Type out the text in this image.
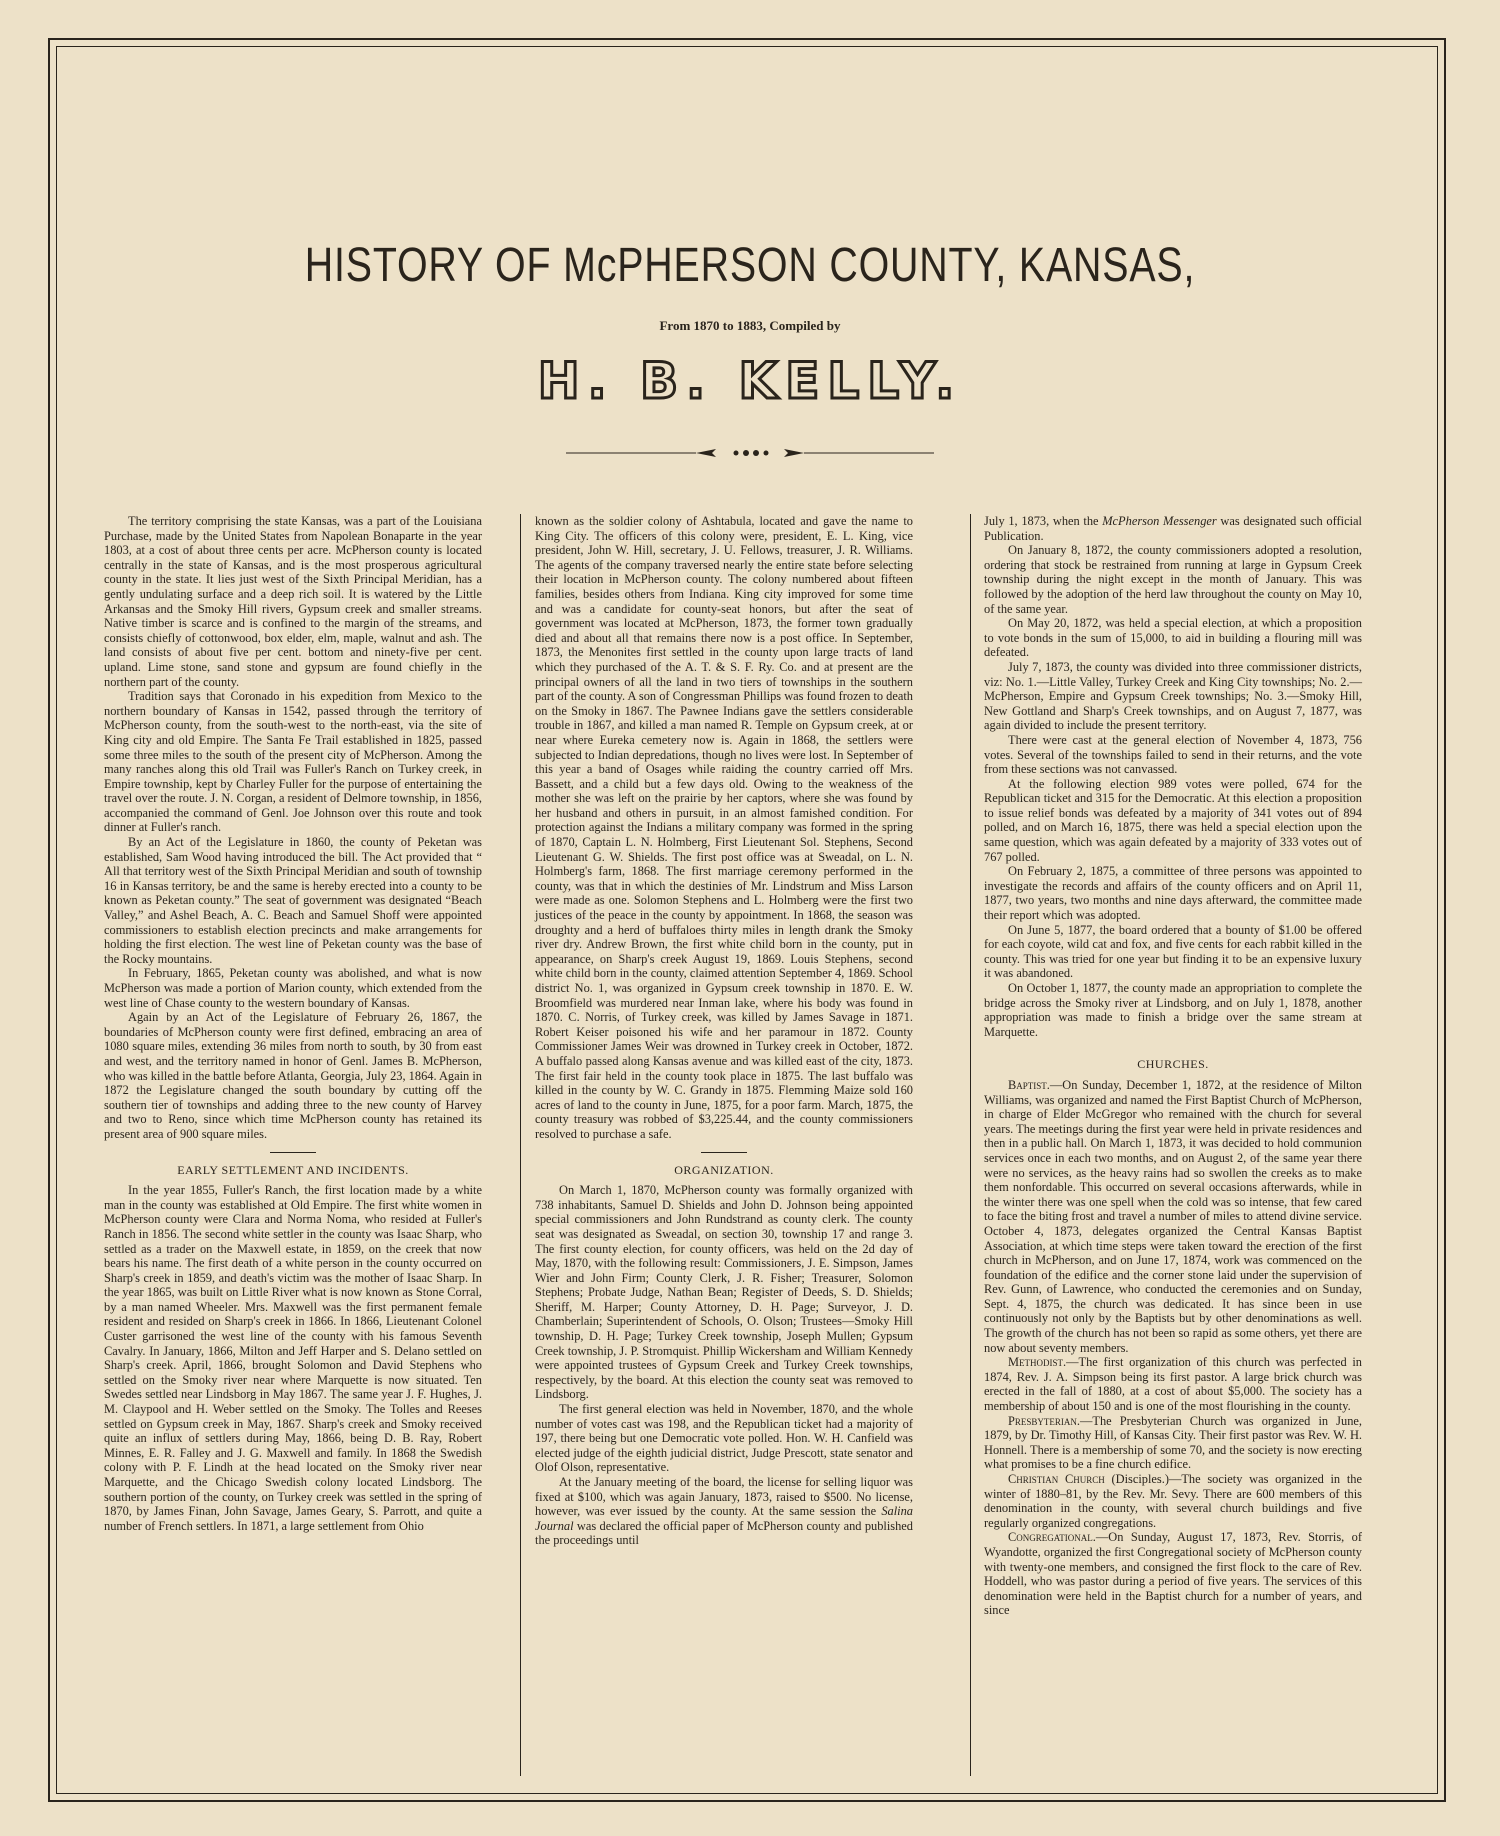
HISTORY OF McPHERSON COUNTY, KANSAS,
From 1870 to 1883, Compiled by
H. B. KELLY.

The territory comprising the state Kansas, was a part of the Louisiana Purchase, made by the United States from Napolean Bonaparte in the year 1803, at a cost of about three cents per acre. McPherson county is located centrally in the state of Kansas, and is the most prosperous agricultural county in the state. It lies just west of the Sixth Principal Meridian, has a gently undulating surface and a deep rich soil. It is watered by the Little Arkansas and the Smoky Hill rivers, Gypsum creek and smaller streams. Native timber is scarce and is confined to the margin of the streams, and consists chiefly of cottonwood, box elder, elm, maple, walnut and ash. The land consists of about five per cent. bottom and ninety-five per cent. upland. Lime stone, sand stone and gypsum are found chiefly in the northern part of the county.

Tradition says that Coronado in his expedition from Mexico to the northern boundary of Kansas in 1542, passed through the territory of McPherson county, from the south-west to the north-east, via the site of King city and old Empire. The Santa Fe Trail established in 1825, passed some three miles to the south of the present city of McPherson. Among the many ranches along this old Trail was Fuller's Ranch on Turkey creek, in Empire township, kept by Charley Fuller for the purpose of entertaining the travel over the route. J. N. Corgan, a resident of Delmore township, in 1856, accompanied the command of Genl. Joe Johnson over this route and took dinner at Fuller's ranch.

By an Act of the Legislature in 1860, the county of Peketan was established, Sam Wood having introduced the bill. The Act provided that “ All that territory west of the Sixth Principal Meridian and south of township 16 in Kansas territory, be and the same is hereby erected into a county to be known as Peketan county.” The seat of government was designated “Beach Valley,” and Ashel Beach, A. C. Beach and Samuel Shoff were appointed commissioners to establish election precincts and make arrangements for holding the first election. The west line of Peketan county was the base of the Rocky mountains.

In February, 1865, Peketan county was abolished, and what is now McPherson was made a portion of Marion county, which extended from the west line of Chase county to the western boundary of Kansas.

Again by an Act of the Legislature of February 26, 1867, the boundaries of McPherson county were first defined, embracing an area of 1080 square miles, extending 36 miles from north to south, by 30 from east and west, and the territory named in honor of Genl. James B. McPherson, who was killed in the battle before Atlanta, Georgia, July 23, 1864. Again in 1872 the Legislature changed the south boundary by cutting off the southern tier of townships and adding three to the new county of Harvey and two to Reno, since which time McPherson county has retained its present area of 900 square miles.

EARLY SETTLEMENT AND INCIDENTS.

In the year 1855, Fuller's Ranch, the first location made by a white man in the county was established at Old Empire. The first white women in McPherson county were Clara and Norma Noma, who resided at Fuller's Ranch in 1856. The second white settler in the county was Isaac Sharp, who settled as a trader on the Maxwell estate, in 1859, on the creek that now bears his name. The first death of a white person in the county occurred on Sharp's creek in 1859, and death's victim was the mother of Isaac Sharp. In the year 1865, was built on Little River what is now known as Stone Corral, by a man named Wheeler. Mrs. Maxwell was the first permanent female resident and resided on Sharp's creek in 1866. In 1866, Lieutenant Colonel Custer garrisoned the west line of the county with his famous Seventh Cavalry. In January, 1866, Milton and Jeff Harper and S. Delano settled on Sharp's creek. April, 1866, brought Solomon and David Stephens who settled on the Smoky river near where Marquette is now situated. Ten Swedes settled near Lindsborg in May 1867. The same year J. F. Hughes, J. M. Claypool and H. Weber settled on the Smoky. The Tolles and Reeses settled on Gypsum creek in May, 1867. Sharp's creek and Smoky received quite an influx of settlers during May, 1866, being D. B. Ray, Robert Minnes, E. R. Falley and J. G. Maxwell and family. In 1868 the Swedish colony with P. F. Lindh at the head located on the Smoky river near Marquette, and the Chicago Swedish colony located Lindsborg. The southern portion of the county, on Turkey creek was settled in the spring of 1870, by James Finan, John Savage, James Geary, S. Parrott, and quite a number of French settlers. In 1871, a large settlement from Ohio

known as the soldier colony of Ashtabula, located and gave the name to King City. The officers of this colony were, president, E. L. King, vice president, John W. Hill, secretary, J. U. Fellows, treasurer, J. R. Williams. The agents of the company traversed nearly the entire state before selecting their location in McPherson county. The colony numbered about fifteen families, besides others from Indiana. King city improved for some time and was a candidate for county-seat honors, but after the seat of government was located at McPherson, 1873, the former town gradually died and about all that remains there now is a post office. In September, 1873, the Menonites first settled in the county upon large tracts of land which they purchased of the A. T. & S. F. Ry. Co. and at present are the principal owners of all the land in two tiers of townships in the southern part of the county. A son of Congressman Phillips was found frozen to death on the Smoky in 1867. The Pawnee Indians gave the settlers considerable trouble in 1867, and killed a man named R. Temple on Gypsum creek, at or near where Eureka cemetery now is. Again in 1868, the settlers were subjected to Indian depredations, though no lives were lost. In September of this year a band of Osages while raiding the country carried off Mrs. Bassett, and a child but a few days old. Owing to the weakness of the mother she was left on the prairie by her captors, where she was found by her husband and others in pursuit, in an almost famished condition. For protection against the Indians a military company was formed in the spring of 1870, Captain L. N. Holmberg, First Lieutenant Sol. Stephens, Second Lieutenant G. W. Shields. The first post office was at Sweadal, on L. N. Holmberg's farm, 1868. The first marriage ceremony performed in the county, was that in which the destinies of Mr. Lindstrum and Miss Larson were made as one. Solomon Stephens and L. Holmberg were the first two justices of the peace in the county by appointment. In 1868, the season was droughty and a herd of buffaloes thirty miles in length drank the Smoky river dry. Andrew Brown, the first white child born in the county, put in appearance, on Sharp's creek August 19, 1869. Louis Stephens, second white child born in the county, claimed attention September 4, 1869. School district No. 1, was organized in Gypsum creek township in 1870. E. W. Broomfield was murdered near Inman lake, where his body was found in 1870. C. Norris, of Turkey creek, was killed by James Savage in 1871. Robert Keiser poisoned his wife and her paramour in 1872. County Commissioner James Weir was drowned in Turkey creek in October, 1872. A buffalo passed along Kansas avenue and was killed east of the city, 1873. The first fair held in the county took place in 1875. The last buffalo was killed in the county by W. C. Grandy in 1875. Flemming Maize sold 160 acres of land to the county in June, 1875, for a poor farm. March, 1875, the county treasury was robbed of $3,225.44, and the county commissioners resolved to purchase a safe.

ORGANIZATION.

On March 1, 1870, McPherson county was formally organized with 738 inhabitants, Samuel D. Shields and John D. Johnson being appointed special commissioners and John Rundstrand as county clerk. The county seat was designated as Sweadal, on section 30, township 17 and range 3. The first county election, for county officers, was held on the 2d day of May, 1870, with the following result: Commissioners, J. E. Simpson, James Wier and John Firm; County Clerk, J. R. Fisher; Treasurer, Solomon Stephens; Probate Judge, Nathan Bean; Register of Deeds, S. D. Shields; Sheriff, M. Harper; County Attorney, D. H. Page; Surveyor, J. D. Chamberlain; Superintendent of Schools, O. Olson; Trustees—Smoky Hill township, D. H. Page; Turkey Creek township, Joseph Mullen; Gypsum Creek township, J. P. Stromquist. Phillip Wickersham and William Kennedy were appointed trustees of Gypsum Creek and Turkey Creek townships, respectively, by the board. At this election the county seat was removed to Lindsborg.

The first general election was held in November, 1870, and the whole number of votes cast was 198, and the Republican ticket had a majority of 197, there being but one Democratic vote polled. Hon. W. H. Canfield was elected judge of the eighth judicial district, Judge Prescott, state senator and Olof Olson, representative.

At the January meeting of the board, the license for selling liquor was fixed at $100, which was again January, 1873, raised to $500. No license, however, was ever issued by the county. At the same session the Salina Journal was declared the official paper of McPherson county and published the proceedings until

July 1, 1873, when the McPherson Messenger was designated such official Publication.

On January 8, 1872, the county commissioners adopted a resolution, ordering that stock be restrained from running at large in Gypsum Creek township during the night except in the month of January. This was followed by the adoption of the herd law throughout the county on May 10, of the same year.

On May 20, 1872, was held a special election, at which a proposition to vote bonds in the sum of 15,000, to aid in building a flouring mill was defeated.

July 7, 1873, the county was divided into three commissioner districts, viz: No. 1.—Little Valley, Turkey Creek and King City townships; No. 2.—McPherson, Empire and Gypsum Creek townships; No. 3.—Smoky Hill, New Gottland and Sharp's Creek townships, and on August 7, 1877, was again divided to include the present territory.

There were cast at the general election of November 4, 1873, 756 votes. Several of the townships failed to send in their returns, and the vote from these sections was not canvassed.

At the following election 989 votes were polled, 674 for the Republican ticket and 315 for the Democratic. At this election a proposition to issue relief bonds was defeated by a majority of 341 votes out of 894 polled, and on March 16, 1875, there was held a special election upon the same question, which was again defeated by a majority of 333 votes out of 767 polled.

On February 2, 1875, a committee of three persons was appointed to investigate the records and affairs of the county officers and on April 11, 1877, two years, two months and nine days afterward, the committee made their report which was adopted.

On June 5, 1877, the board ordered that a bounty of $1.00 be offered for each coyote, wild cat and fox, and five cents for each rabbit killed in the county. This was tried for one year but finding it to be an expensive luxury it was abandoned.

On October 1, 1877, the county made an appropriation to complete the bridge across the Smoky river at Lindsborg, and on July 1, 1878, another appropriation was made to finish a bridge over the same stream at Marquette.

CHURCHES.

Baptist.—On Sunday, December 1, 1872, at the residence of Milton Williams, was organized and named the First Baptist Church of McPherson, in charge of Elder McGregor who remained with the church for several years. The meetings during the first year were held in private residences and then in a public hall. On March 1, 1873, it was decided to hold communion services once in each two months, and on August 2, of the same year there were no services, as the heavy rains had so swollen the creeks as to make them nonfordable. This occurred on several occasions afterwards, while in the winter there was one spell when the cold was so intense, that few cared to face the biting frost and travel a number of miles to attend divine service. October 4, 1873, delegates organized the Central Kansas Baptist Association, at which time steps were taken toward the erection of the first church in McPherson, and on June 17, 1874, work was commenced on the foundation of the edifice and the corner stone laid under the supervision of Rev. Gunn, of Lawrence, who conducted the ceremonies and on Sunday, Sept. 4, 1875, the church was dedicated. It has since been in use continuously not only by the Baptists but by other denominations as well. The growth of the church has not been so rapid as some others, yet there are now about seventy members.

Methodist.—The first organization of this church was perfected in 1874, Rev. J. A. Simpson being its first pastor. A large brick church was erected in the fall of 1880, at a cost of about $5,000. The society has a membership of about 150 and is one of the most flourishing in the county.

Presbyterian.—The Presbyterian Church was organized in June, 1879, by Dr. Timothy Hill, of Kansas City. Their first pastor was Rev. W. H. Honnell. There is a membership of some 70, and the society is now erecting what promises to be a fine church edifice.

Christian Church (Disciples.)—The society was organized in the winter of 1880–81, by the Rev. Mr. Sevy. There are 600 members of this denomination in the county, with several church buildings and five regularly organized congregations.

Congregational.—On Sunday, August 17, 1873, Rev. Storris, of Wyandotte, organized the first Congregational society of McPherson county with twenty-one members, and consigned the first flock to the care of Rev. Hoddell, who was pastor during a period of five years. The services of this denomination were held in the Baptist church for a number of years, and since
